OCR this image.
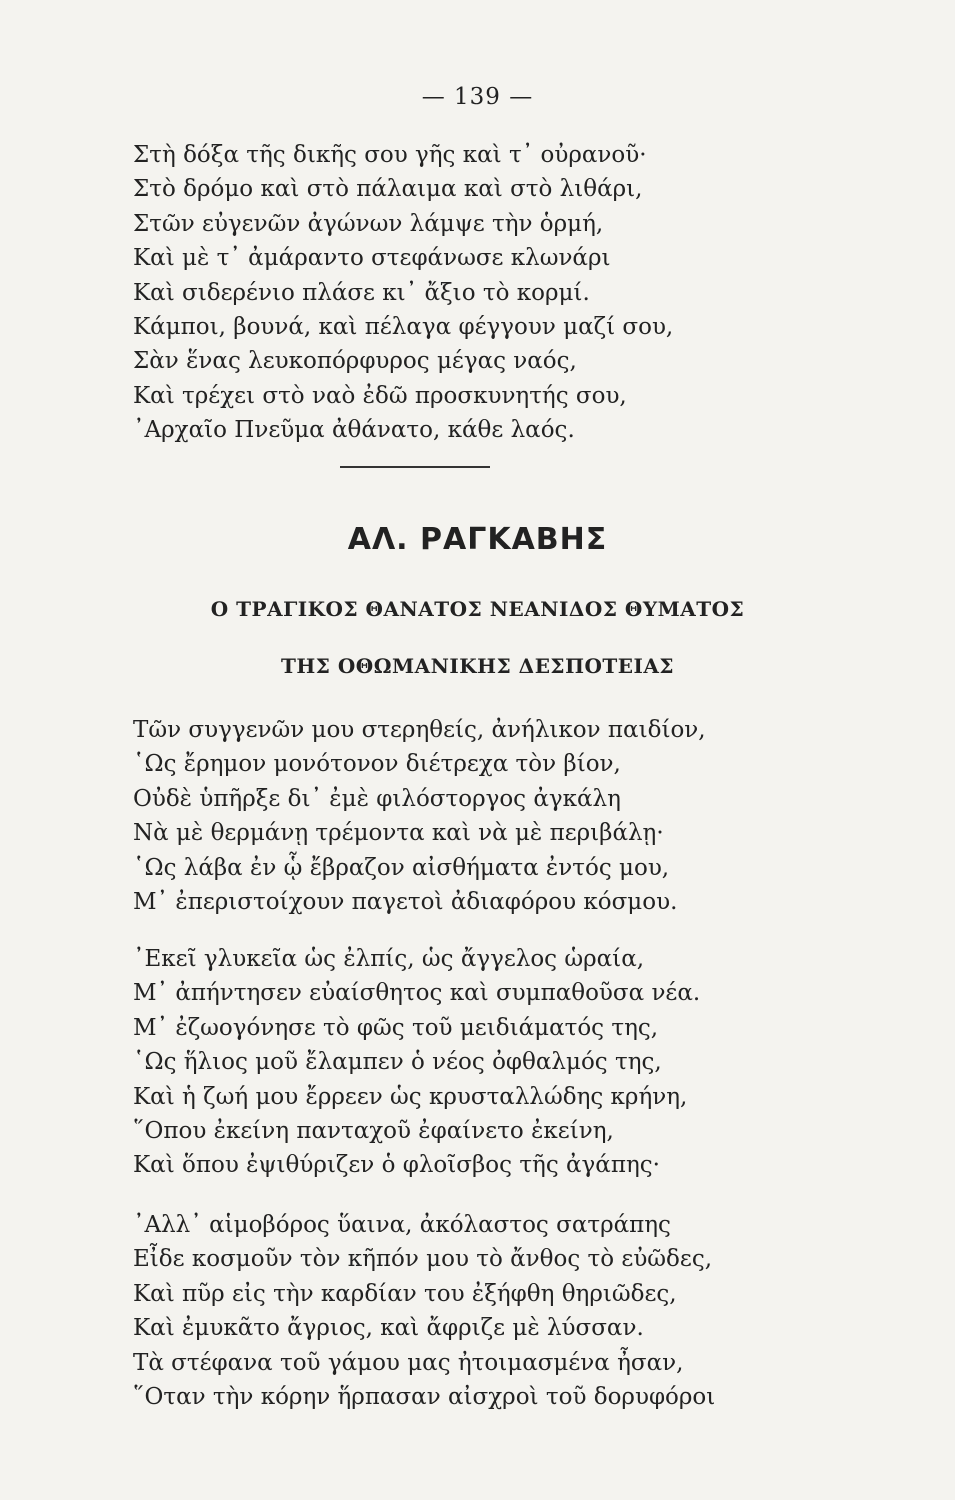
— 139 —
Στὴ δόξα τῆς δικῆς σου γῆς καὶ τ᾽ οὐρανοῦ·
Στὸ δρόμο καὶ στὸ πάλαιμα καὶ στὸ λιθάρι,
Στῶν εὐγενῶν ἀγώνων λάμψε τὴν ὁρμή,
Καὶ μὲ τ᾽ ἀμάραντο στεφάνωσε κλωνάρι
Καὶ σιδερένιο πλάσε κι᾽ ἄξιο τὸ κορμί.
Κάμποι, βουνά, καὶ πέλαγα φέγγουν μαζί σου,
Σὰν ἕνας λευκοπόρφυρος μέγας ναός,
Καὶ τρέχει στὸ ναὸ ἐδῶ προσκυνητής σου,
᾽Αρχαῖο Πνεῦμα ἀθάνατο, κάθε λαός.
ΑΛ. ΡΑΓΚΑΒΗΣ
Ο ΤΡΑΓΙΚΟΣ ΘΑΝΑΤΟΣ ΝΕΑΝΙΔΟΣ ΘΥΜΑΤΟΣ
ΤΗΣ ΟΘΩΜΑΝΙΚΗΣ ΔΕΣΠΟΤΕΙΑΣ
Τῶν συγγενῶν μου στερηθείς, ἀνήλικον παιδίον,
῾Ως ἔρημον μονότονον διέτρεχα τὸν βίον,
Οὐδὲ ὑπῆρξε δι᾽ ἐμὲ φιλόστοργος ἀγκάλη
Νὰ μὲ θερμάνῃ τρέμοντα καὶ νὰ μὲ περιβάλῃ·
῾Ως λάβα ἐν ᾧ ἔβραζον αἰσθήματα ἐντός μου,
Μ᾽ ἐπεριστοίχουν παγετοὶ ἀδιαφόρου κόσμου.
᾽Εκεῖ γλυκεῖα ὡς ἐλπίς, ὡς ἄγγελος ὡραία,
Μ᾽ ἀπήντησεν εὐαίσθητος καὶ συμπαθοῦσα νέα.
Μ᾽ ἐζωογόνησε τὸ φῶς τοῦ μειδιάματός της,
῾Ως ἥλιος μοῦ ἔλαμπεν ὁ νέος ὀφθαλμός της,
Καὶ ἡ ζωή μου ἔρρεεν ὡς κρυσταλλώδης κρήνη,
῞Οπου ἐκείνη πανταχοῦ ἐφαίνετο ἐκείνη,
Καὶ ὅπου ἐψιθύριζεν ὁ φλοῖσβος τῆς ἀγάπης·
᾽Αλλ᾽ αἱμοβόρος ὕαινα, ἀκόλαστος σατράπης
Εἶδε κοσμοῦν τὸν κῆπόν μου τὸ ἄνθος τὸ εὐῶδες,
Καὶ πῦρ εἰς τὴν καρδίαν του ἐξήφθη θηριῶδες,
Καὶ ἐμυκᾶτο ἄγριος, καὶ ἄφριζε μὲ λύσσαν.
Τὰ στέφανα τοῦ γάμου μας ἠτοιμασμένα ἦσαν,
῞Οταν τὴν κόρην ἥρπασαν αἰσχροὶ τοῦ δορυφόροι
